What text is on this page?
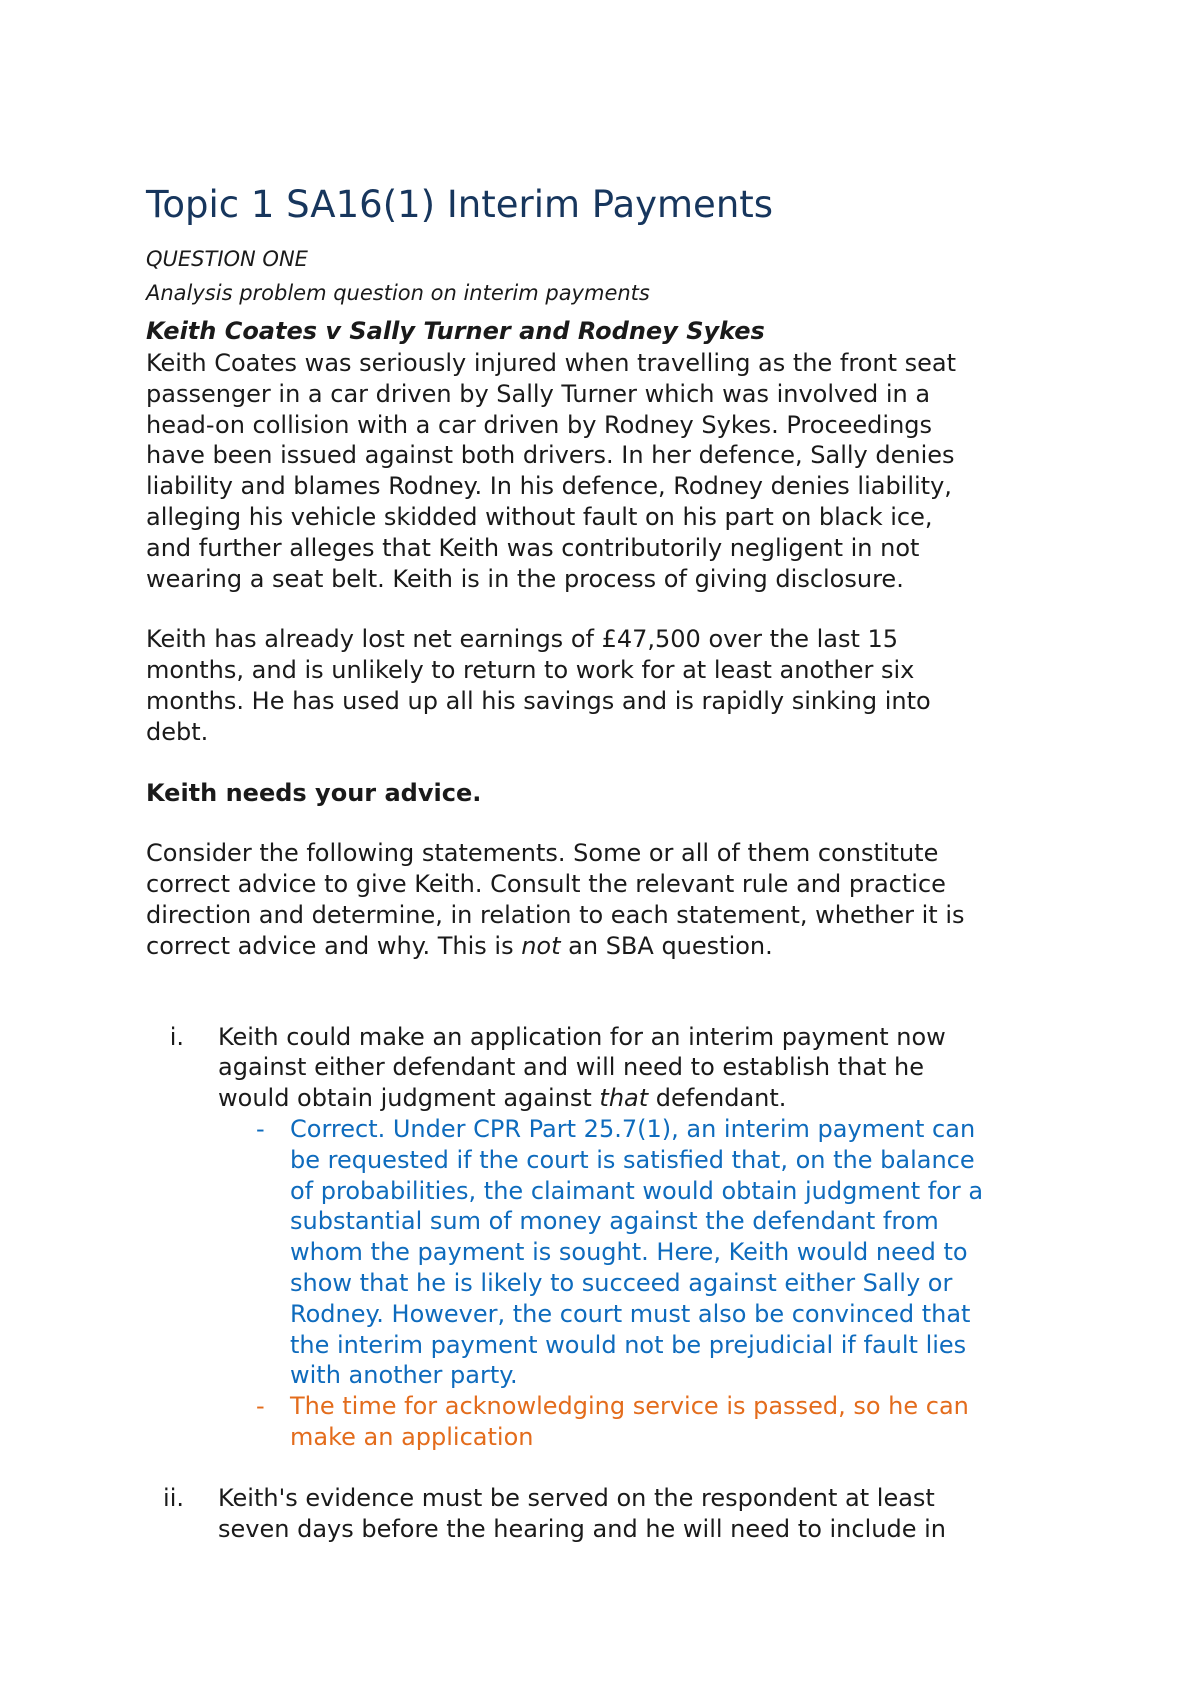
Topic 1 SA16(1) Interim Payments

QUESTION ONE

Analysis problem question on interim payments

Keith Coates v Sally Turner and Rodney Sykes

Keith Coates was seriously injured when travelling as the front seat
passenger in a car driven by Sally Turner which was involved in a
head-on collision with a car driven by Rodney Sykes. Proceedings
have been issued against both drivers. In her defence, Sally denies
liability and blames Rodney. In his defence, Rodney denies liability,
alleging his vehicle skidded without fault on his part on black ice,
and further alleges that Keith was contributorily negligent in not
wearing a seat belt. Keith is in the process of giving disclosure.
Keith has already lost net earnings of £47,500 over the last 15
months, and is unlikely to return to work for at least another six
months. He has used up all his savings and is rapidly sinking into
debt.
Keith needs your advice.
Consider the following statements. Some or all of them constitute
correct advice to give Keith. Consult the relevant rule and practice
direction and determine, in relation to each statement, whether it is
correct advice and why. This is not an SBA question.
i. Keith could make an application for an interim payment now
against either defendant and will need to establish that he
would obtain judgment against that defendant.
- Correct. Under CPR Part 25.7(1), an interim payment can
be requested if the court is satisfied that, on the balance
of probabilities, the claimant would obtain judgment for a
substantial sum of money against the defendant from
whom the payment is sought. Here, Keith would need to
show that he is likely to succeed against either Sally or
Rodney. However, the court must also be convinced that
the interim payment would not be prejudicial if fault lies
with another party.
- The time for acknowledging service is passed, so he can
make an application
ii. Keith's evidence must be served on the respondent at least
seven days before the hearing and he will need to include in
